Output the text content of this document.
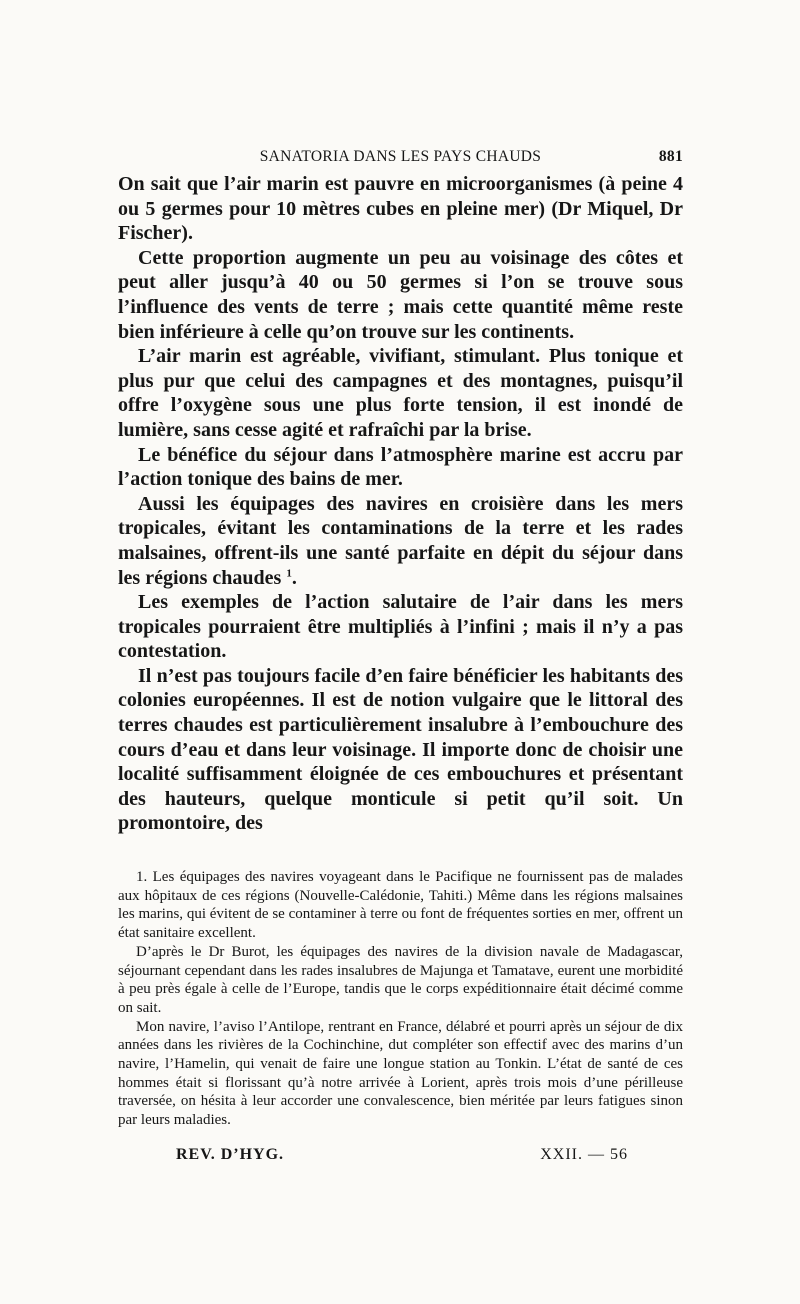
SANATORIA DANS LES PAYS CHAUDS	881

On sait que l’air marin est pauvre en microorganismes (à peine 4 ou 5 germes pour 10 mètres cubes en pleine mer) (Dr Miquel, Dr Fischer).

Cette proportion augmente un peu au voisinage des côtes et peut aller jusqu’à 40 ou 50 germes si l’on se trouve sous l’influence des vents de terre ; mais cette quantité même reste bien inférieure à celle qu’on trouve sur les continents.

L’air marin est agréable, vivifiant, stimulant. Plus tonique et plus pur que celui des campagnes et des montagnes, puisqu’il offre l’oxygène sous une plus forte tension, il est inondé de lumière, sans cesse agité et rafraîchi par la brise.

Le bénéfice du séjour dans l’atmosphère marine est accru par l’action tonique des bains de mer.

Aussi les équipages des navires en croisière dans les mers tropicales, évitant les contaminations de la terre et les rades malsaines, offrent-ils une santé parfaite en dépit du séjour dans les régions chaudes $^1$.

Les exemples de l’action salutaire de l’air dans les mers tropicales pourraient être multipliés à l’infini ; mais il n’y a pas contestation.

Il n’est pas toujours facile d’en faire bénéficier les habitants des colonies européennes. Il est de notion vulgaire que le littoral des terres chaudes est particulièrement insalubre à l’embouchure des cours d’eau et dans leur voisinage. Il importe donc de choisir une localité suffisamment éloignée de ces embouchures et présentant des hauteurs, quelque monticule si petit qu’il soit. Un promontoire, des

1. Les équipages des navires voyageant dans le Pacifique ne fournissent pas de malades aux hôpitaux de ces régions (Nouvelle-Calédonie, Tahiti.) Même dans les régions malsaines les marins, qui évitent de se contaminer à terre ou font de fréquentes sorties en mer, offrent un état sanitaire excellent.

D’après le Dr Burot, les équipages des navires de la division navale de Madagascar, séjournant cependant dans les rades insalubres de Majunga et Tamatave, eurent une morbidité à peu près égale à celle de l’Europe, tandis que le corps expéditionnaire était décimé comme on sait.

Mon navire, l’aviso l’Antilope, rentrant en France, délabré et pourri après un séjour de dix années dans les rivières de la Cochinchine, dut compléter son effectif avec des marins d’un navire, l’Hamelin, qui venait de faire une longue station au Tonkin. L’état de santé de ces hommes était si florissant qu’à notre arrivée à Lorient, après trois mois d’une périlleuse traversée, on hésita à leur accorder une convalescence, bien méritée par leurs fatigues sinon par leurs maladies.

REV. D’HYG.	XXII. — 56
